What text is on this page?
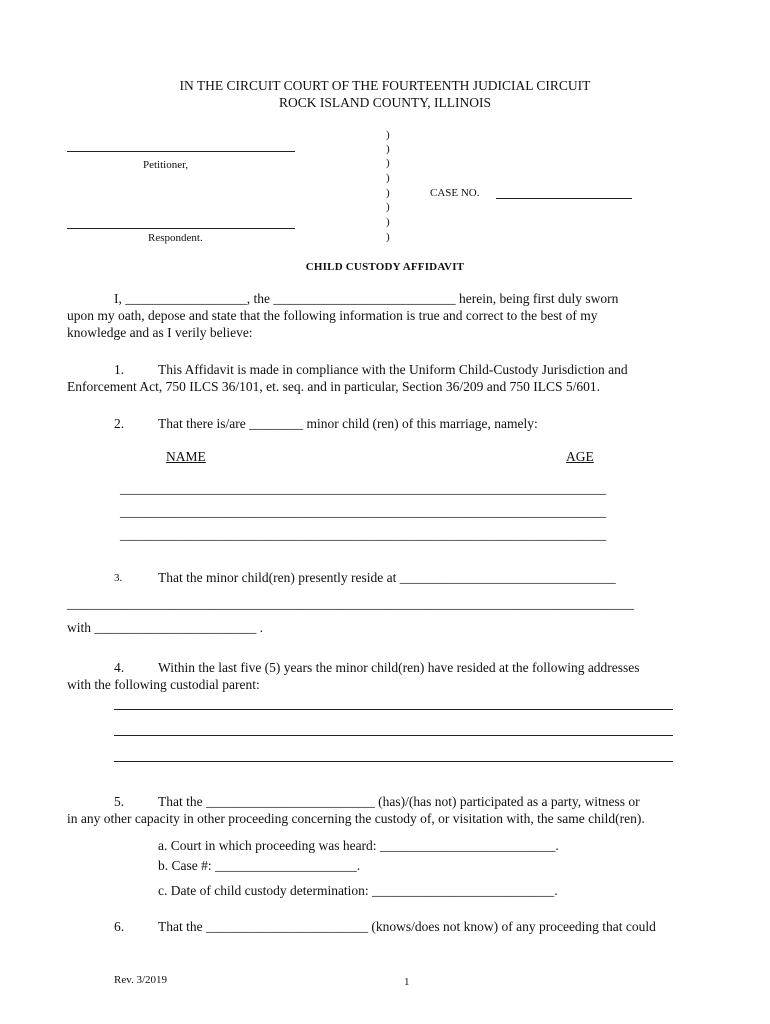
IN THE CIRCUIT COURT OF THE FOURTEENTH JUDICIAL CIRCUIT
ROCK ISLAND COUNTY, ILLINOIS
Petitioner,
Respondent.
)
)
)
)
)
)
)
)
CASE NO.
CHILD CUSTODY AFFIDAVIT
I, __________________, the ___________________________ herein, being first duly sworn
upon my oath, depose and state that the following information is true and correct to the best of my
knowledge and as I verily believe:
1.	This Affidavit is made in compliance with the Uniform Child-Custody Jurisdiction and
Enforcement Act, 750 ILCS 36/101, et. seq. and in particular, Section 36/209 and 750 ILCS 5/601.
2.	That there is/are ________ minor child (ren) of this marriage, namely:
NAME	AGE
________________________________________________________________________
________________________________________________________________________
________________________________________________________________________
3.	That the minor child(ren) presently reside at ________________________________
____________________________________________________________________________________
with ________________________ .
4.	Within the last five (5) years the minor child(ren) have resided at the following addresses
with the following custodial parent:
5.	That the _________________________ (has)/(has not) participated as a party, witness or
in any other capacity in other proceeding concerning the custody of, or visitation with, the same child(ren).
a. Court in which proceeding was heard: __________________________.
b. Case #: _____________________.
c. Date of child custody determination: ___________________________.
6.	That the ________________________ (knows/does not know) of any proceeding that could
Rev. 3/2019	1
